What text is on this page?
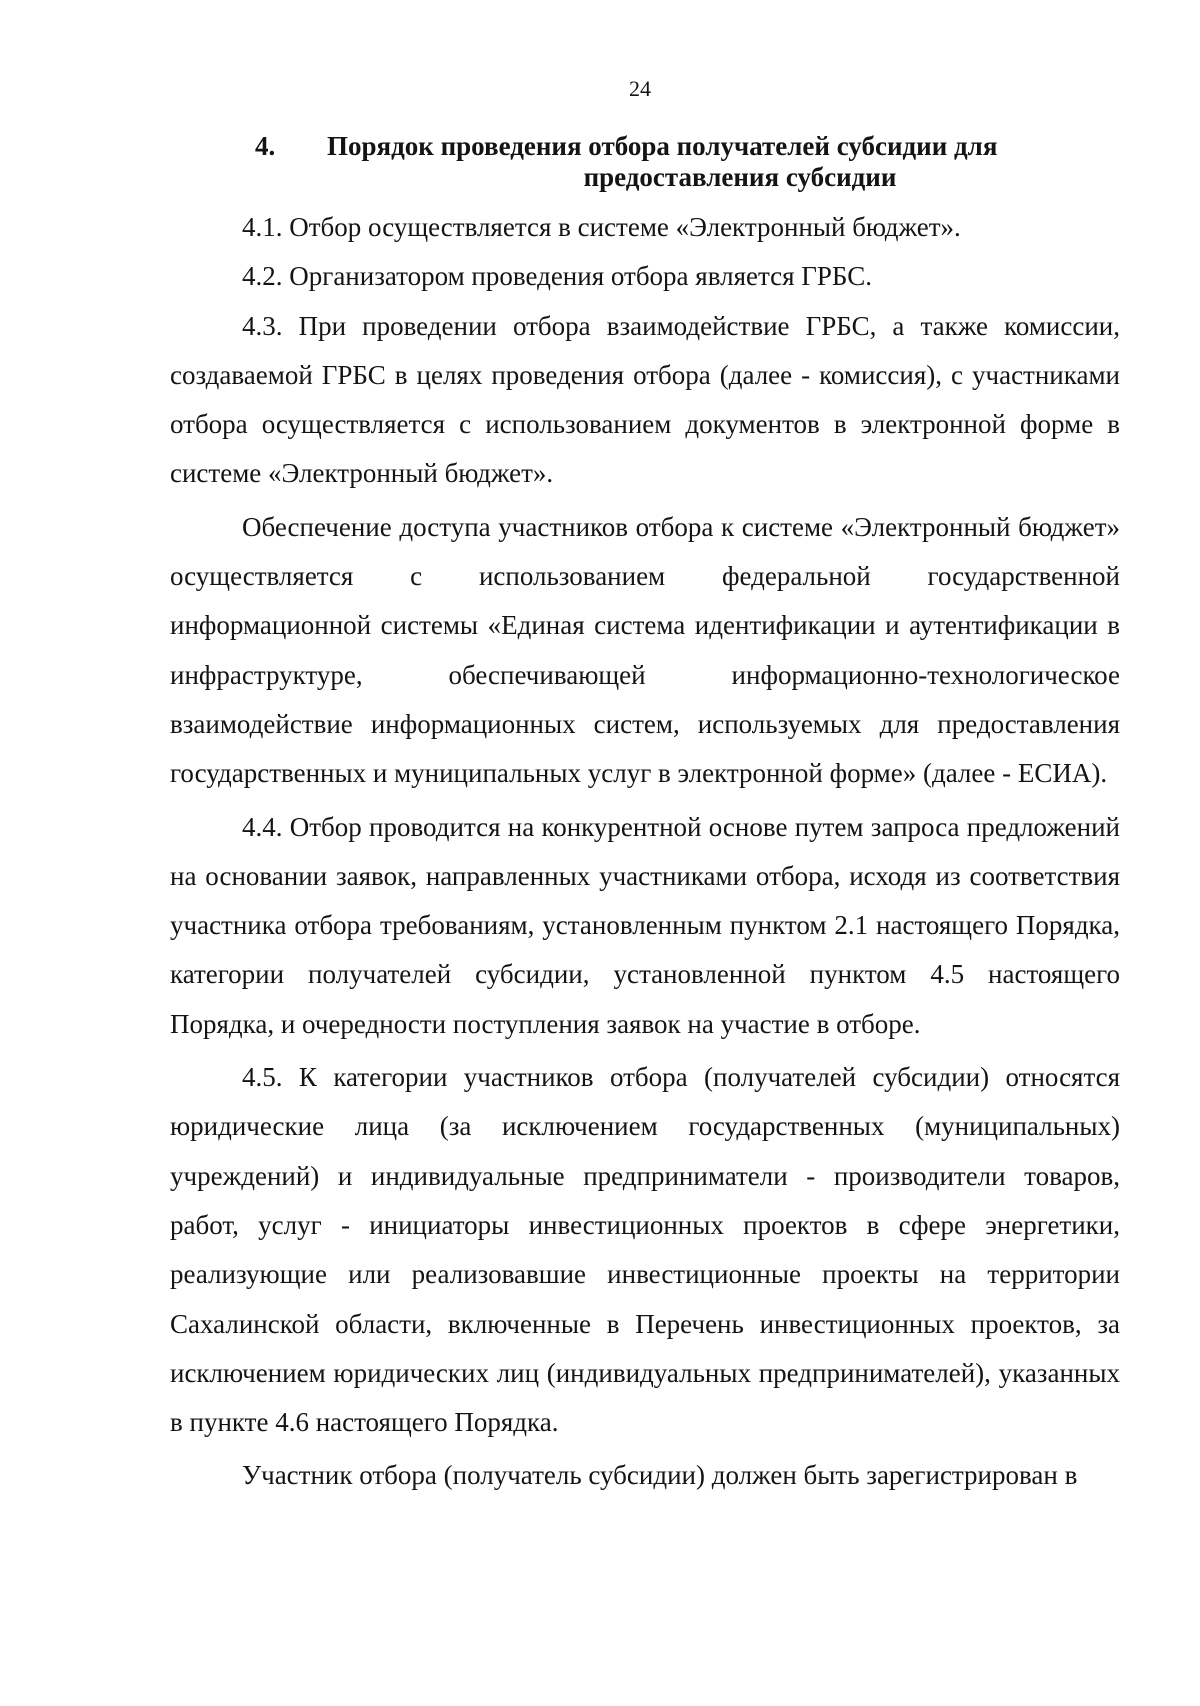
24
4.	Порядок проведения отбора получателей субсидии для
предоставления субсидии

4.1. Отбор осуществляется в системе «Электронный бюджет».

4.2. Организатором проведения отбора является ГРБС.

4.3. При проведении отбора взаимодействие ГРБС, а также комиссии, создаваемой ГРБС в целях проведения отбора (далее - комиссия), с участниками отбора осуществляется с использованием документов в электронной форме в системе «Электронный бюджет».

Обеспечение доступа участников отбора к системе «Электронный бюджет» осуществляется с использованием федеральной государственной информационной системы «Единая система идентификации и аутентификации в инфраструктуре, обеспечивающей информационно-технологическое взаимодействие информационных систем, используемых для предоставления государственных и муниципальных услуг в электронной форме» (далее - ЕСИА).

4.4. Отбор проводится на конкурентной основе путем запроса предложений на основании заявок, направленных участниками отбора, исходя из соответствия участника отбора требованиям, установленным пунктом 2.1 настоящего Порядка, категории получателей субсидии, установленной пунктом 4.5 настоящего Порядка, и очередности поступления заявок на участие в отборе.

4.5. К категории участников отбора (получателей субсидии) относятся юридические лица (за исключением государственных (муниципальных) учреждений) и индивидуальные предприниматели - производители товаров, работ, услуг - инициаторы инвестиционных проектов в сфере энергетики, реализующие или реализовавшие инвестиционные проекты на территории Сахалинской области, включенные в Перечень инвестиционных проектов, за исключением юридических лиц (индивидуальных предпринимателей), указанных в пункте 4.6 настоящего Порядка.

Участник отбора (получатель субсидии) должен быть зарегистрирован в
